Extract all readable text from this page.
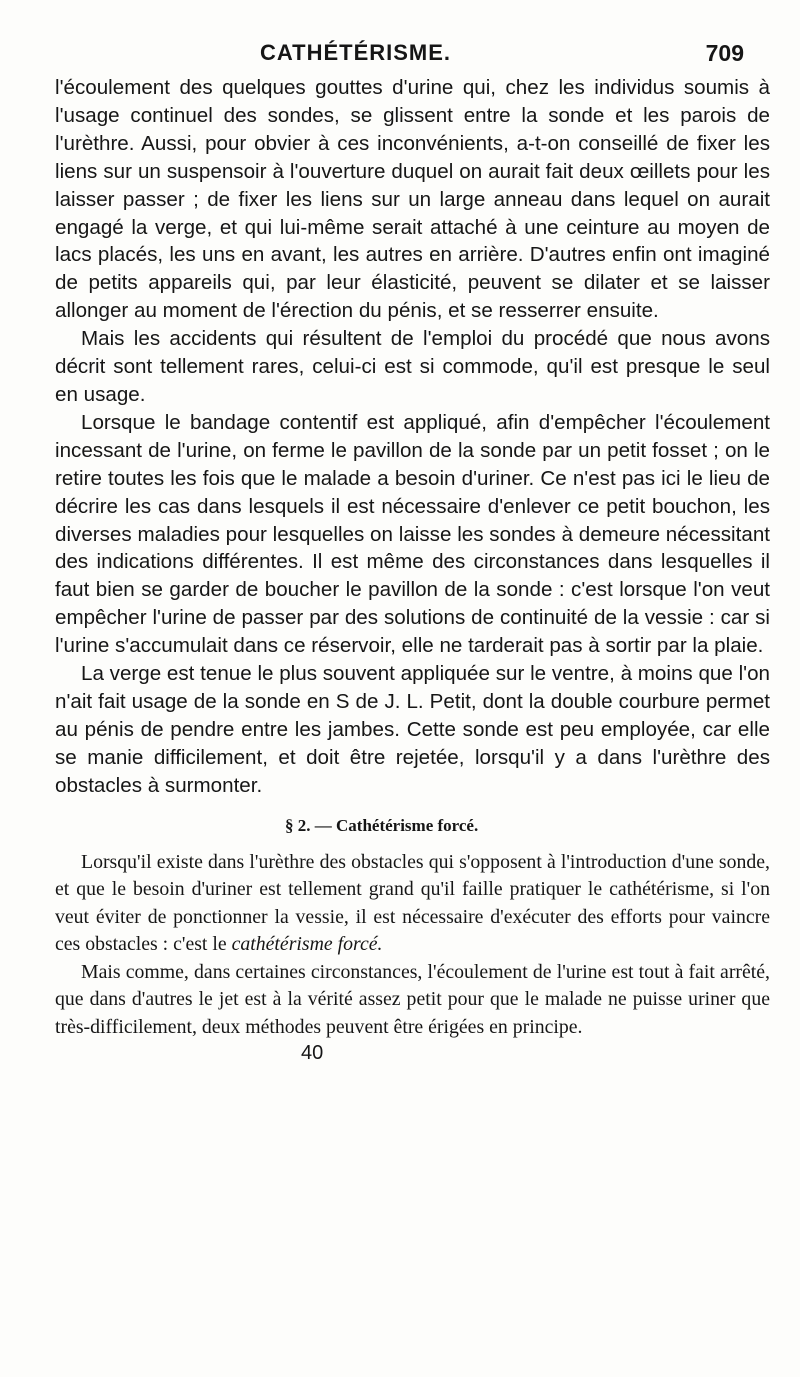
CATHÉTÉRISME.	709

l'écoulement des quelques gouttes d'urine qui, chez les individus soumis à l'usage continuel des sondes, se glissent entre la sonde et les parois de l'urèthre. Aussi, pour obvier à ces inconvénients, a-t-on conseillé de fixer les liens sur un suspensoir à l'ouverture duquel on aurait fait deux œillets pour les laisser passer ; de fixer les liens sur un large anneau dans lequel on aurait engagé la verge, et qui lui-même serait attaché à une ceinture au moyen de lacs placés, les uns en avant, les autres en arrière. D'autres enfin ont imaginé de petits appareils qui, par leur élasticité, peuvent se dilater et se laisser allonger au moment de l'érection du pénis, et se resserrer ensuite.

Mais les accidents qui résultent de l'emploi du procédé que nous avons décrit sont tellement rares, celui-ci est si commode, qu'il est presque le seul en usage.

Lorsque le bandage contentif est appliqué, afin d'empêcher l'écoulement incessant de l'urine, on ferme le pavillon de la sonde par un petit fosset ; on le retire toutes les fois que le malade a besoin d'uriner. Ce n'est pas ici le lieu de décrire les cas dans lesquels il est nécessaire d'enlever ce petit bouchon, les diverses maladies pour lesquelles on laisse les sondes à demeure nécessitant des indications différentes. Il est même des circonstances dans lesquelles il faut bien se garder de boucher le pavillon de la sonde : c'est lorsque l'on veut empêcher l'urine de passer par des solutions de continuité de la vessie : car si l'urine s'accumulait dans ce réservoir, elle ne tarderait pas à sortir par la plaie.

La verge est tenue le plus souvent appliquée sur le ventre, à moins que l'on n'ait fait usage de la sonde en S de J. L. Petit, dont la double courbure permet au pénis de pendre entre les jambes. Cette sonde est peu employée, car elle se manie difficilement, et doit être rejetée, lorsqu'il y a dans l'urèthre des obstacles à surmonter.

§ 2. — Cathétérisme forcé.

Lorsqu'il existe dans l'urèthre des obstacles qui s'opposent à l'introduction d'une sonde, et que le besoin d'uriner est tellement grand qu'il faille pratiquer le cathétérisme, si l'on veut éviter de ponctionner la vessie, il est nécessaire d'exécuter des efforts pour vaincre ces obstacles : c'est le cathétérisme forcé.

Mais comme, dans certaines circonstances, l'écoulement de l'urine est tout à fait arrêté, que dans d'autres le jet est à la vérité assez petit pour que le malade ne puisse uriner que très-difficilement, deux méthodes peuvent être érigées en principe.

40
